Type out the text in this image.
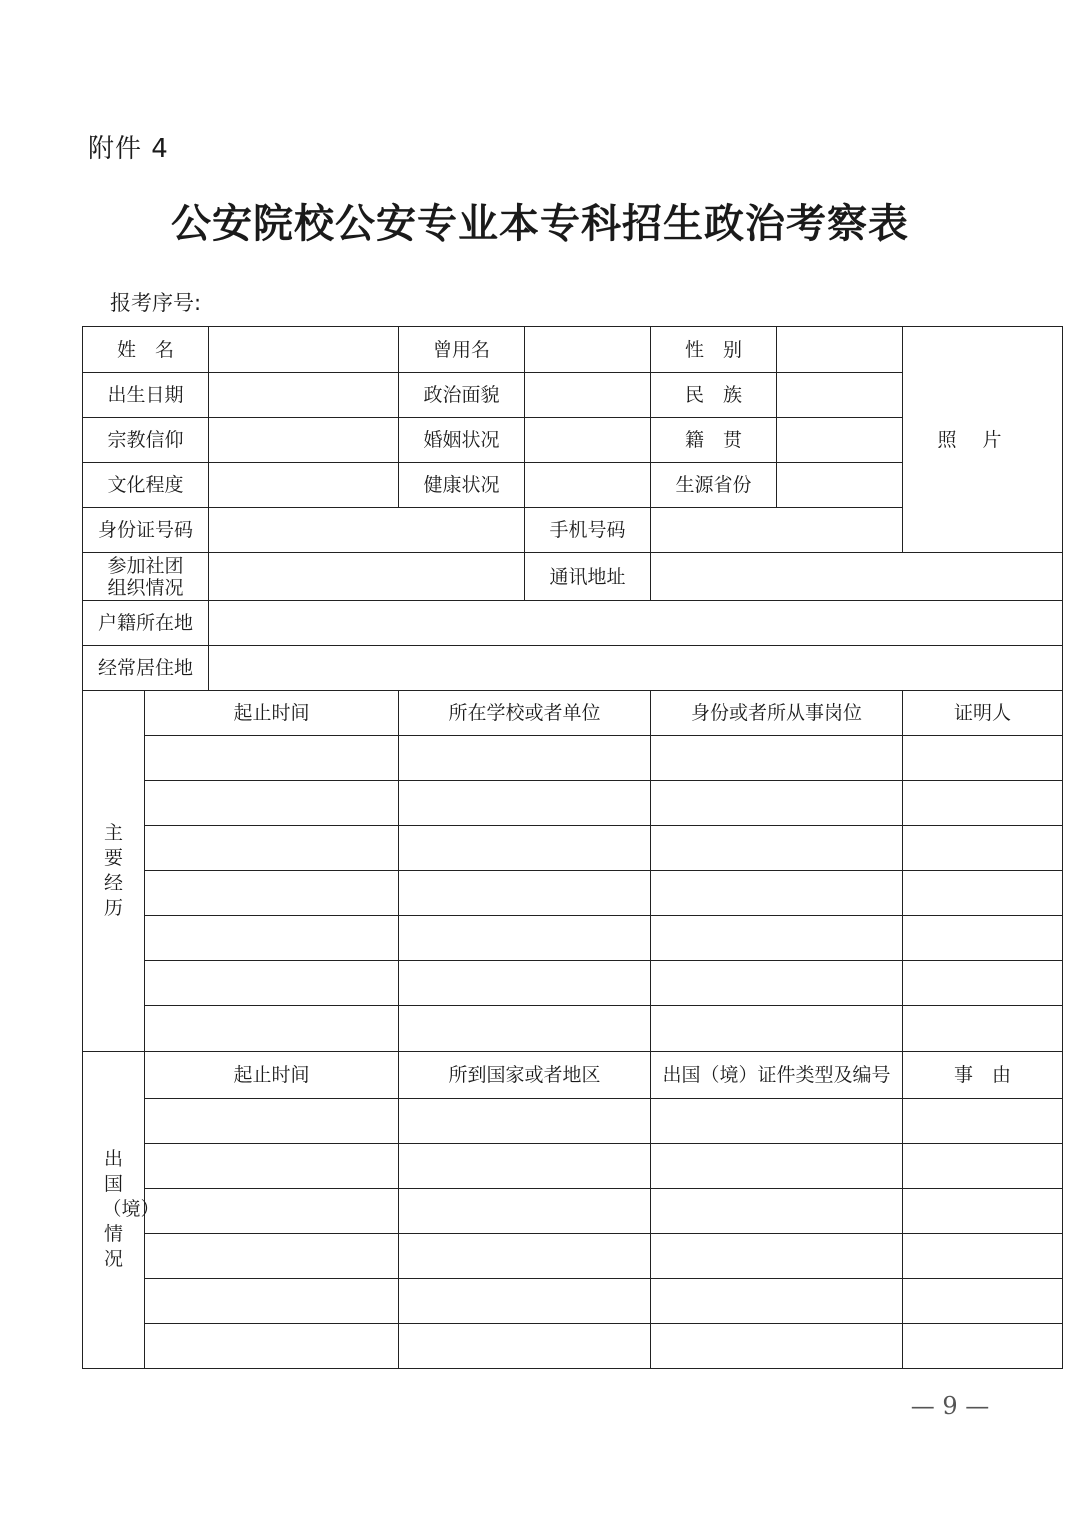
附件 4
公安院校公安专业本专科招生政治考察表
报考序号:
姓　名			曾用名		性　别		照片
出生日期			政治面貌		民　族		
宗教信仰			婚姻状况		籍　贯		
文化程度			健康状况		生源省份		
身份证号码				手机号码			

参加社团
组织情况				通讯地址			
户籍所在地							
经常居住地							

主要经历	起止时间		所在学校或者单位		身份或者所从事岗位		证明人

出国（境）情况	起止时间		所到国家或者地区		出国（境）证件类型及编号		事　由

— 9 —
